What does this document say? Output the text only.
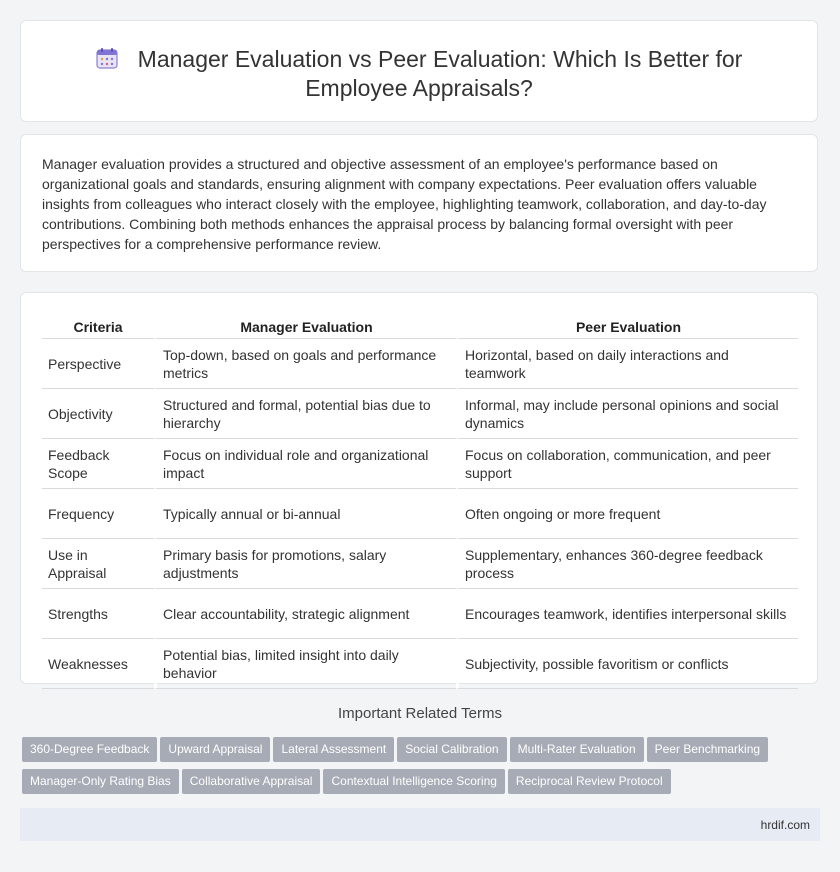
Manager Evaluation vs Peer Evaluation: Which Is Better for
Employee Appraisals?

Manager evaluation provides a structured and objective assessment of an employee's performance based on organizational goals and standards, ensuring alignment with company expectations. Peer evaluation offers valuable insights from colleagues who interact closely with the employee, highlighting teamwork, collaboration, and day-to-day contributions. Combining both methods enhances the appraisal process by balancing formal oversight with peer perspectives for a comprehensive performance review.

Criteria	Manager Evaluation	Peer Evaluation
Perspective	Top-down, based on goals and performance metrics	Horizontal, based on daily interactions and teamwork
Objectivity	Structured and formal, potential bias due to hierarchy	Informal, may include personal opinions and social dynamics
Feedback Scope	Focus on individual role and organizational impact	Focus on collaboration, communication, and peer support
Frequency	Typically annual or bi-annual	Often ongoing or more frequent
Use in Appraisal	Primary basis for promotions, salary adjustments	Supplementary, enhances 360-degree feedback process
Strengths	Clear accountability, strategic alignment	Encourages teamwork, identifies interpersonal skills
Weaknesses	Potential bias, limited insight into daily behavior	Subjectivity, possible favoritism or conflicts
Important Related Terms
360-Degree Feedback Upward Appraisal Lateral Assessment Social Calibration Multi-Rater Evaluation Peer Benchmarking
Manager-Only Rating Bias Collaborative Appraisal Contextual Intelligence Scoring Reciprocal Review Protocol
hrdif.com
